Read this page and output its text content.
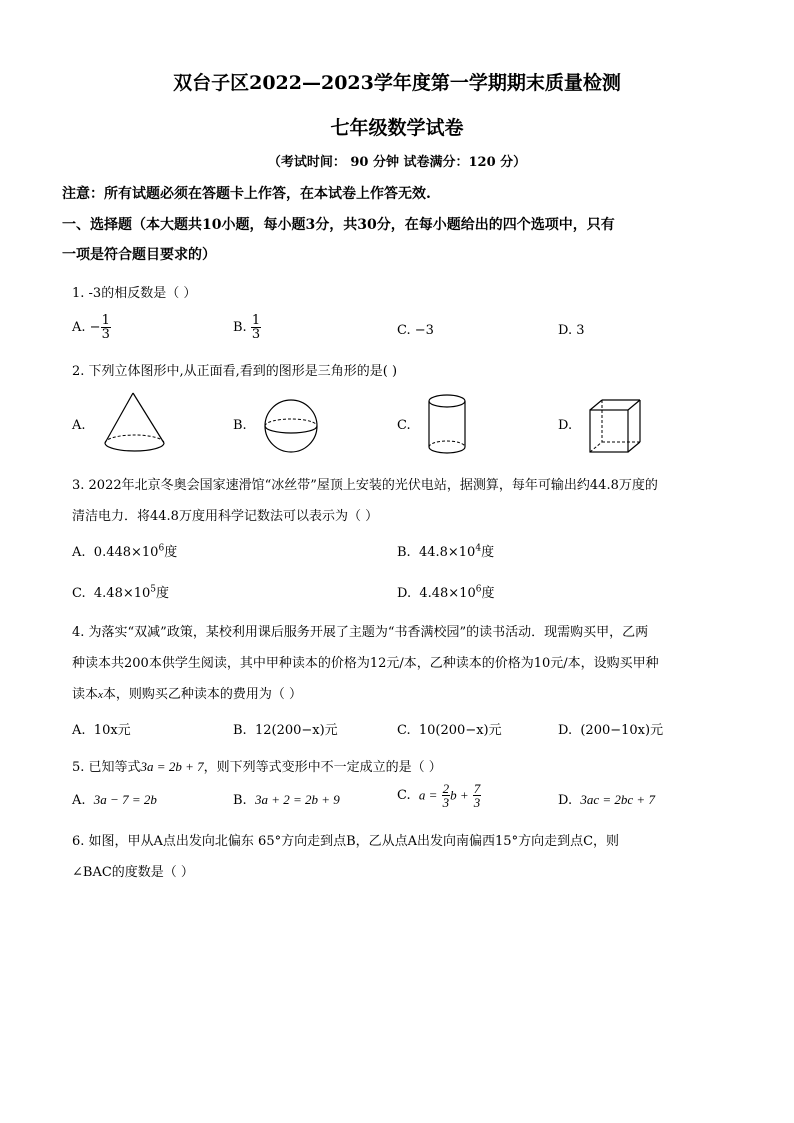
双台子区2022—2023学年度第一学期期末质量检测
七年级数学试卷
（考试时间： 90 分钟 试卷满分：120 分）
注意：所有试题必须在答题卡上作答，在本试卷上作答无效.
一、选择题（本大题共10小题，每小题3分，共30分，在每小题给出的四个选项中，只有
一项是符合题目要求的）
1. -3的相反数是（ ）
A. − $\frac{1}{3}$	B. $\frac{1}{3}$	C. −3	D. 3
2. 下列立体图形中,从正面看,看到的图形是三角形的是( )
A.	B.	C.	D.
3. 2022年北京冬奥会国家速滑馆“冰丝带”屋顶上安装的光伏电站，据测算，每年可输出约44.8万度的
清洁电力．将44.8万度用科学记数法可以表示为（ ）
A. $0.448\times 10^6$度	B. $44.8\times 10^4$度
C. $4.48\times 10^5$度	D. $4.48\times 10^6$度
4. 为落实“双减”政策，某校利用课后服务开展了主题为“书香满校园”的读书活动．现需购买甲，乙两
种读本共200本供学生阅读，其中甲种读本的价格为12元/本，乙种读本的价格为10元/本，设购买甲种
读本x本，则购买乙种读本的费用为（ ）
A. 10x元	B. 12(200−x)元	C. 10(200−x)元	D. (200−10x)元
5. 已知等式3a = 2b + 7，则下列等式变形中不一定成立的是（ ）
A. 3a − 7 = 2b	B. 3a + 2 = 2b + 9	C. $a = \frac{2}{3}$ $b + \frac{7}{3}$	D. 3ac = 2bc + 7
6. 如图，甲从A点出发向北偏东 65°方向走到点B，乙从点A出发向南偏西15°方向走到点C，则
∠BAC的度数是（ ）
